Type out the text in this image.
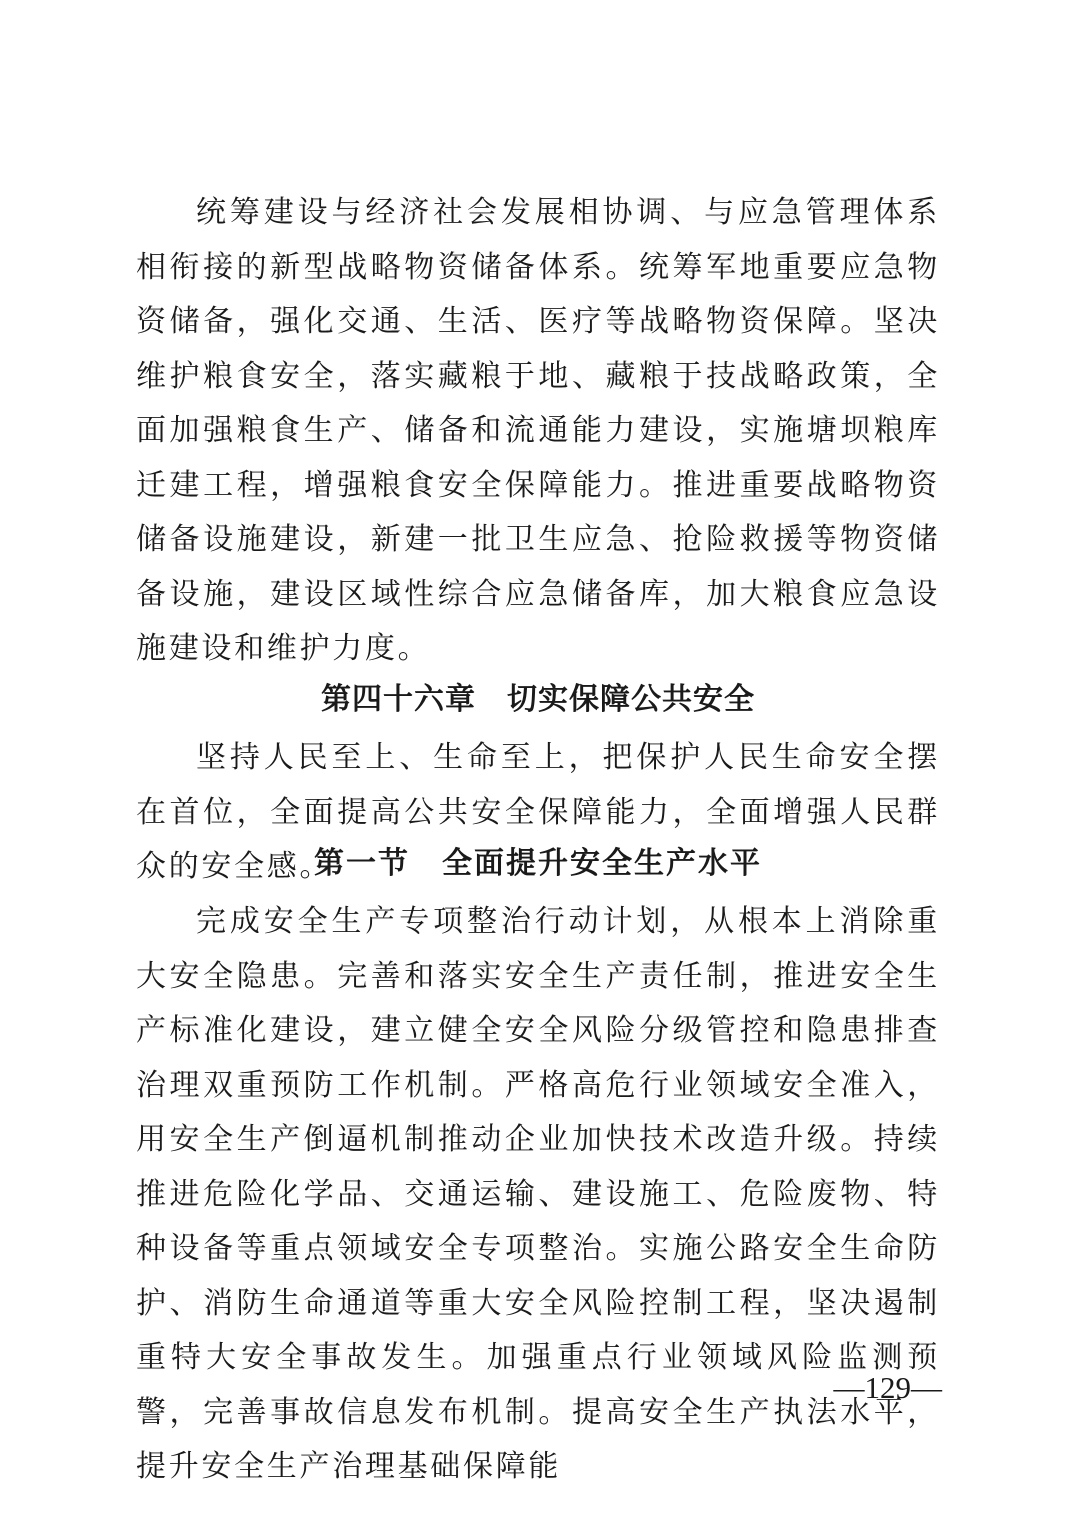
统筹建设与经济社会发展相协调、与应急管理体系相衔接的新型战略物资储备体系。统筹军地重要应急物资储备，强化交通、生活、医疗等战略物资保障。坚决维护粮食安全，落实藏粮于地、藏粮于技战略政策，全面加强粮食生产、储备和流通能力建设，实施塘坝粮库迁建工程，增强粮食安全保障能力。推进重要战略物资储备设施建设，新建一批卫生应急、抢险救援等物资储备设施，建设区域性综合应急储备库，加大粮食应急设施建设和维护力度。

第四十六章　切实保障公共安全

坚持人民至上、生命至上，把保护人民生命安全摆在首位，全面提高公共安全保障能力，全面增强人民群众的安全感。

第一节　全面提升安全生产水平

完成安全生产专项整治行动计划，从根本上消除重大安全隐患。完善和落实安全生产责任制，推进安全生产标准化建设，建立健全安全风险分级管控和隐患排查治理双重预防工作机制。严格高危行业领域安全准入，用安全生产倒逼机制推动企业加快技术改造升级。持续推进危险化学品、交通运输、建设施工、危险废物、特种设备等重点领域安全专项整治。实施公路安全生命防护、消防生命通道等重大安全风险控制工程，坚决遏制重特大安全事故发生。加强重点行业领域风险监测预警，完善事故信息发布机制。提高安全生产执法水平，提升安全生产治理基础保障能

—129—
